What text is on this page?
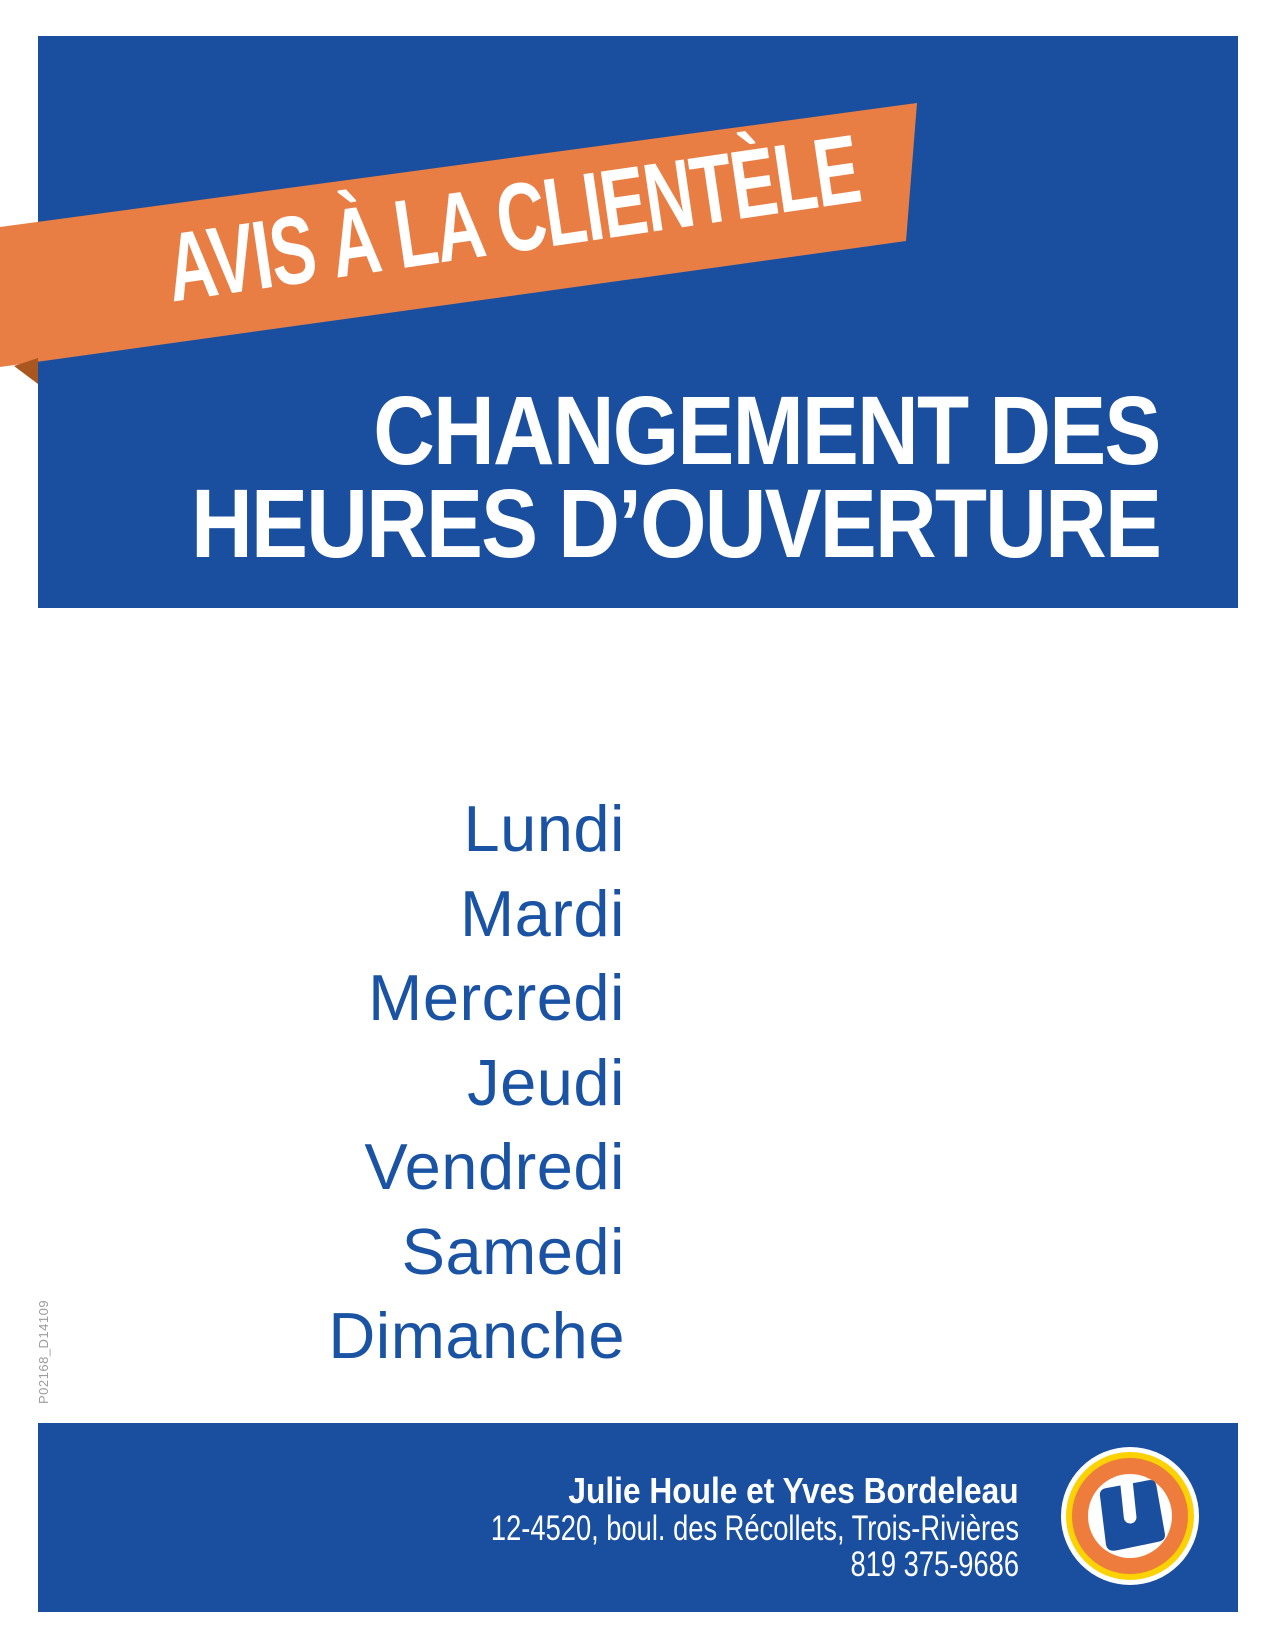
AVIS À LA CLIENTÈLE
CHANGEMENT DES
HEURES D’OUVERTURE
Lundi
Mardi
Mercredi
Jeudi
Vendredi
Samedi
Dimanche
P02168_D14109
Julie Houle et Yves Bordeleau
12-4520, boul. des Récollets, Trois-Rivières
819 375-9686
